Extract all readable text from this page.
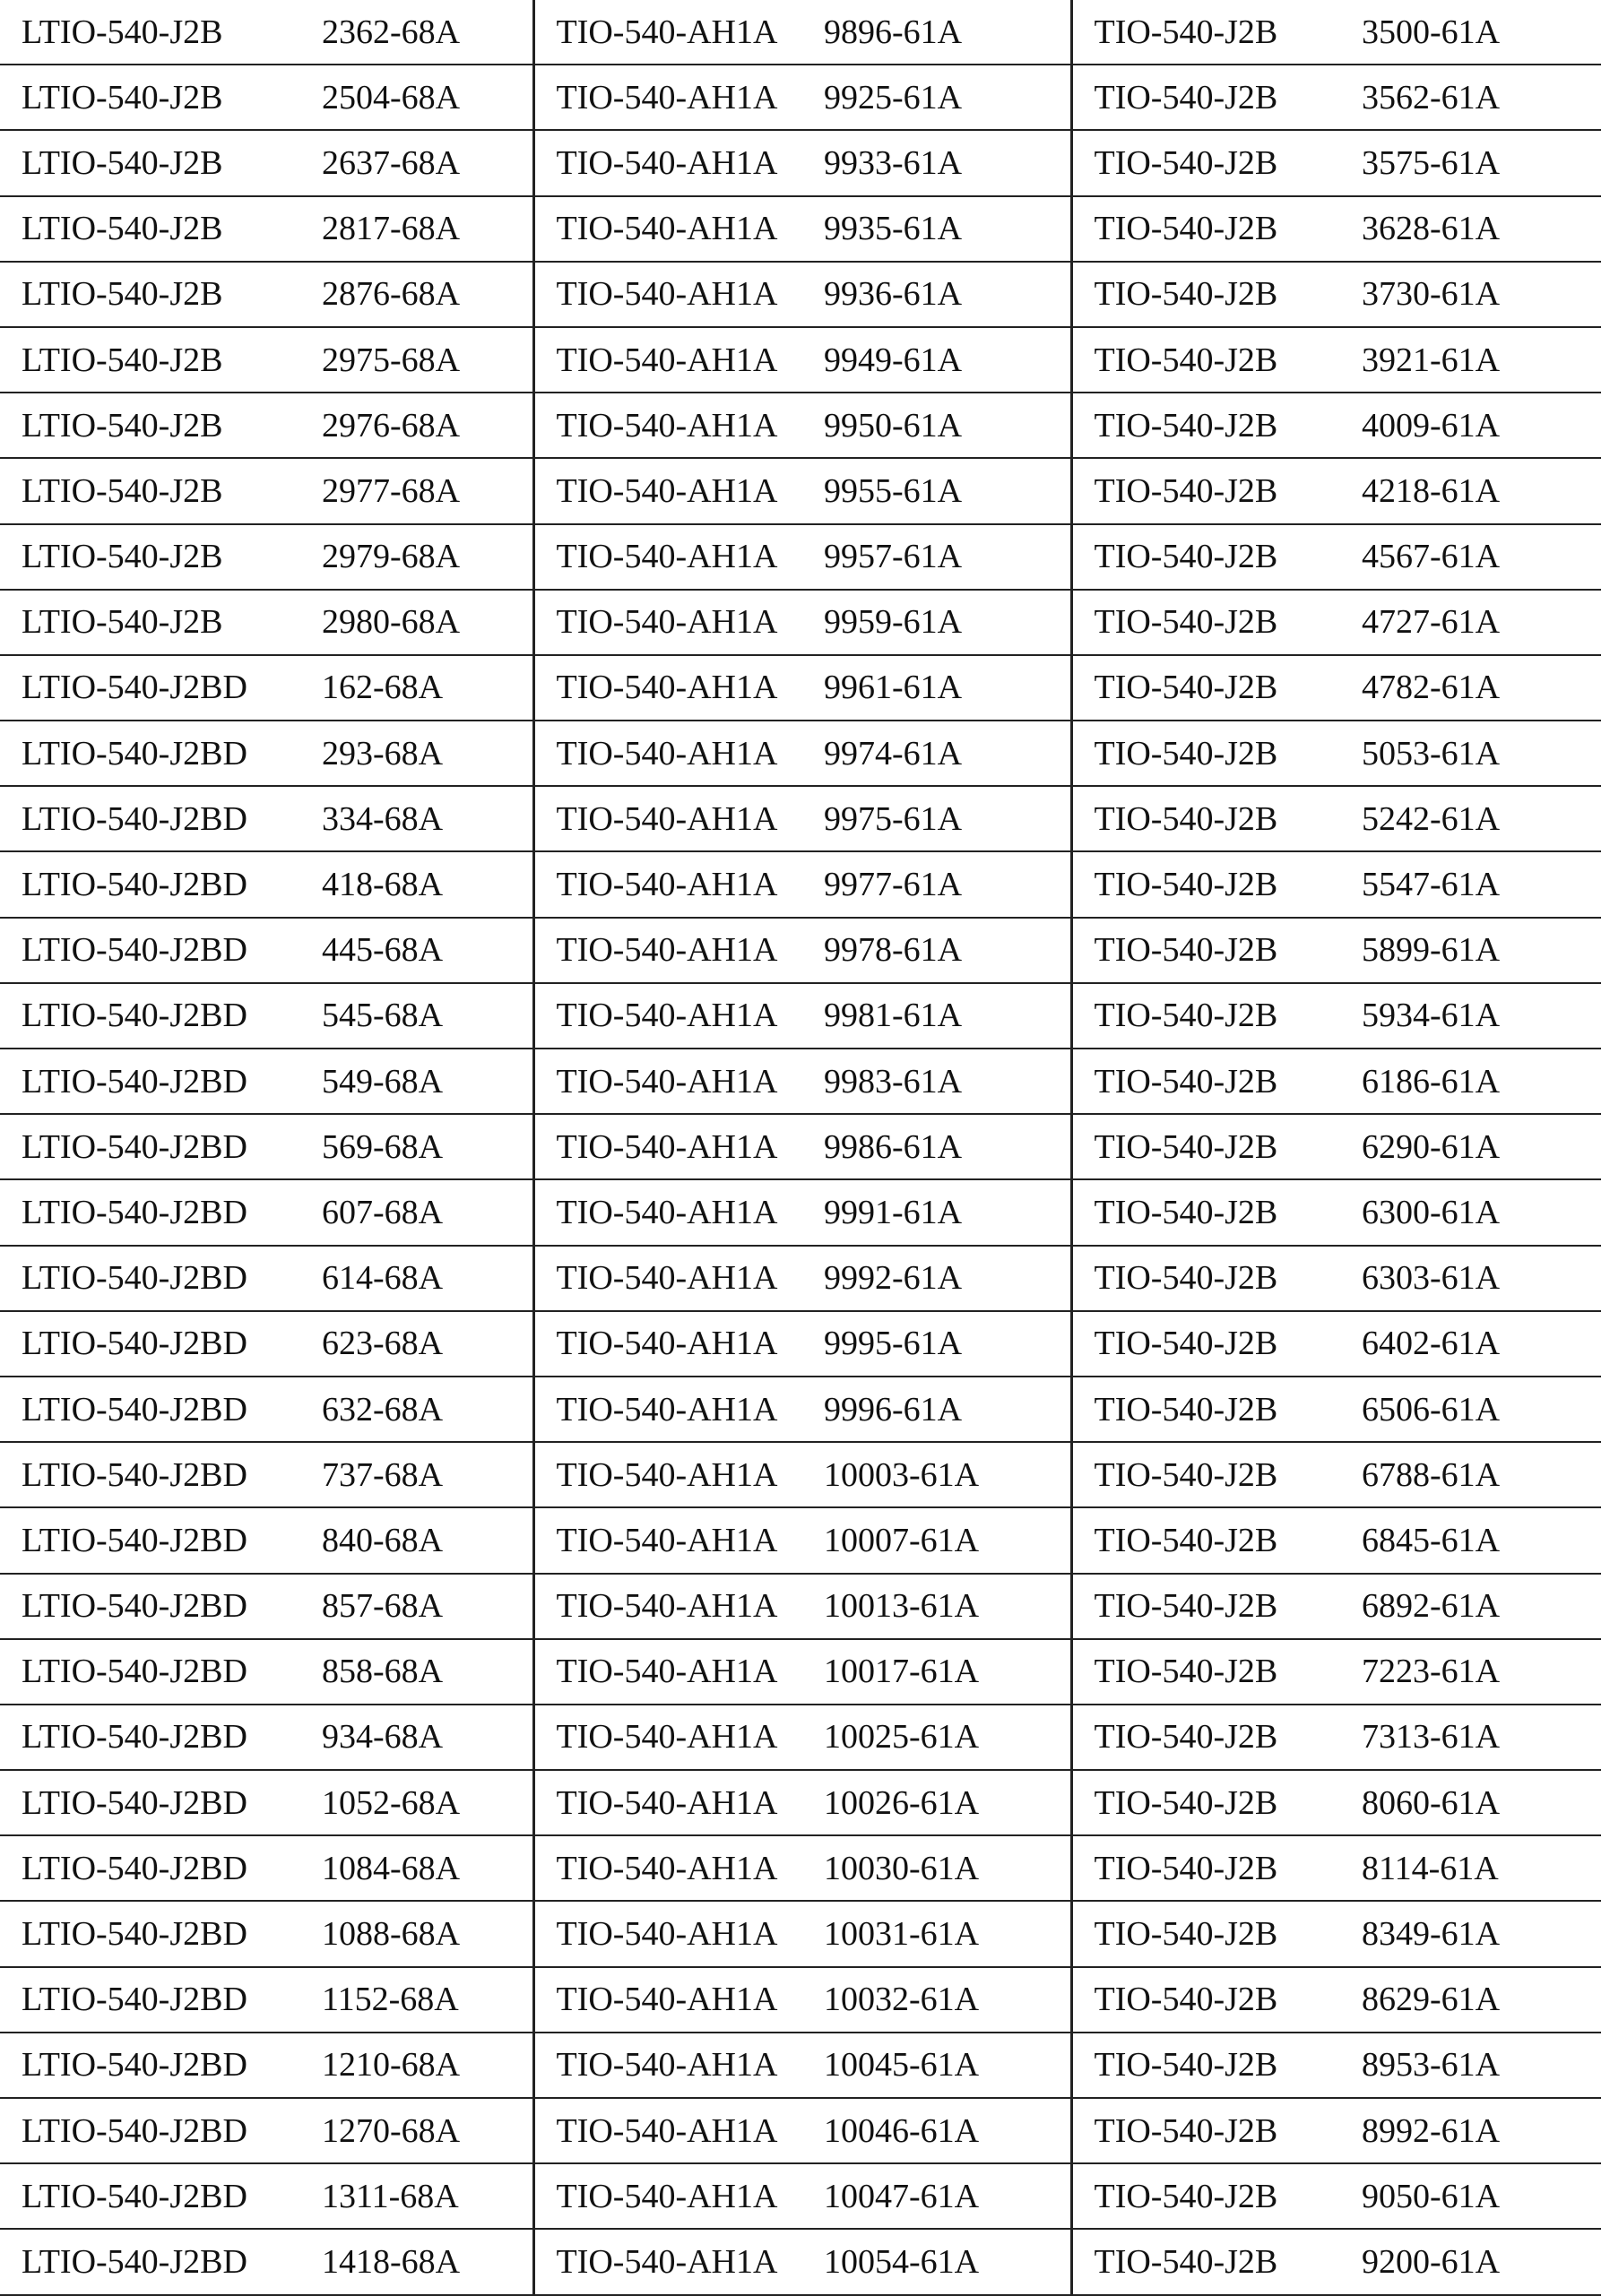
LTIO-540-J2B	2362-68A	TIO-540-AH1A	9896-61A	TIO-540-J2B	3500-61A
LTIO-540-J2B	2504-68A	TIO-540-AH1A	9925-61A	TIO-540-J2B	3562-61A
LTIO-540-J2B	2637-68A	TIO-540-AH1A	9933-61A	TIO-540-J2B	3575-61A
LTIO-540-J2B	2817-68A	TIO-540-AH1A	9935-61A	TIO-540-J2B	3628-61A
LTIO-540-J2B	2876-68A	TIO-540-AH1A	9936-61A	TIO-540-J2B	3730-61A
LTIO-540-J2B	2975-68A	TIO-540-AH1A	9949-61A	TIO-540-J2B	3921-61A
LTIO-540-J2B	2976-68A	TIO-540-AH1A	9950-61A	TIO-540-J2B	4009-61A
LTIO-540-J2B	2977-68A	TIO-540-AH1A	9955-61A	TIO-540-J2B	4218-61A
LTIO-540-J2B	2979-68A	TIO-540-AH1A	9957-61A	TIO-540-J2B	4567-61A
LTIO-540-J2B	2980-68A	TIO-540-AH1A	9959-61A	TIO-540-J2B	4727-61A
LTIO-540-J2BD	162-68A	TIO-540-AH1A	9961-61A	TIO-540-J2B	4782-61A
LTIO-540-J2BD	293-68A	TIO-540-AH1A	9974-61A	TIO-540-J2B	5053-61A
LTIO-540-J2BD	334-68A	TIO-540-AH1A	9975-61A	TIO-540-J2B	5242-61A
LTIO-540-J2BD	418-68A	TIO-540-AH1A	9977-61A	TIO-540-J2B	5547-61A
LTIO-540-J2BD	445-68A	TIO-540-AH1A	9978-61A	TIO-540-J2B	5899-61A
LTIO-540-J2BD	545-68A	TIO-540-AH1A	9981-61A	TIO-540-J2B	5934-61A
LTIO-540-J2BD	549-68A	TIO-540-AH1A	9983-61A	TIO-540-J2B	6186-61A
LTIO-540-J2BD	569-68A	TIO-540-AH1A	9986-61A	TIO-540-J2B	6290-61A
LTIO-540-J2BD	607-68A	TIO-540-AH1A	9991-61A	TIO-540-J2B	6300-61A
LTIO-540-J2BD	614-68A	TIO-540-AH1A	9992-61A	TIO-540-J2B	6303-61A
LTIO-540-J2BD	623-68A	TIO-540-AH1A	9995-61A	TIO-540-J2B	6402-61A
LTIO-540-J2BD	632-68A	TIO-540-AH1A	9996-61A	TIO-540-J2B	6506-61A
LTIO-540-J2BD	737-68A	TIO-540-AH1A	10003-61A	TIO-540-J2B	6788-61A
LTIO-540-J2BD	840-68A	TIO-540-AH1A	10007-61A	TIO-540-J2B	6845-61A
LTIO-540-J2BD	857-68A	TIO-540-AH1A	10013-61A	TIO-540-J2B	6892-61A
LTIO-540-J2BD	858-68A	TIO-540-AH1A	10017-61A	TIO-540-J2B	7223-61A
LTIO-540-J2BD	934-68A	TIO-540-AH1A	10025-61A	TIO-540-J2B	7313-61A
LTIO-540-J2BD	1052-68A	TIO-540-AH1A	10026-61A	TIO-540-J2B	8060-61A
LTIO-540-J2BD	1084-68A	TIO-540-AH1A	10030-61A	TIO-540-J2B	8114-61A
LTIO-540-J2BD	1088-68A	TIO-540-AH1A	10031-61A	TIO-540-J2B	8349-61A
LTIO-540-J2BD	1152-68A	TIO-540-AH1A	10032-61A	TIO-540-J2B	8629-61A
LTIO-540-J2BD	1210-68A	TIO-540-AH1A	10045-61A	TIO-540-J2B	8953-61A
LTIO-540-J2BD	1270-68A	TIO-540-AH1A	10046-61A	TIO-540-J2B	8992-61A
LTIO-540-J2BD	1311-68A	TIO-540-AH1A	10047-61A	TIO-540-J2B	9050-61A
LTIO-540-J2BD	1418-68A	TIO-540-AH1A	10054-61A	TIO-540-J2B	9200-61A
